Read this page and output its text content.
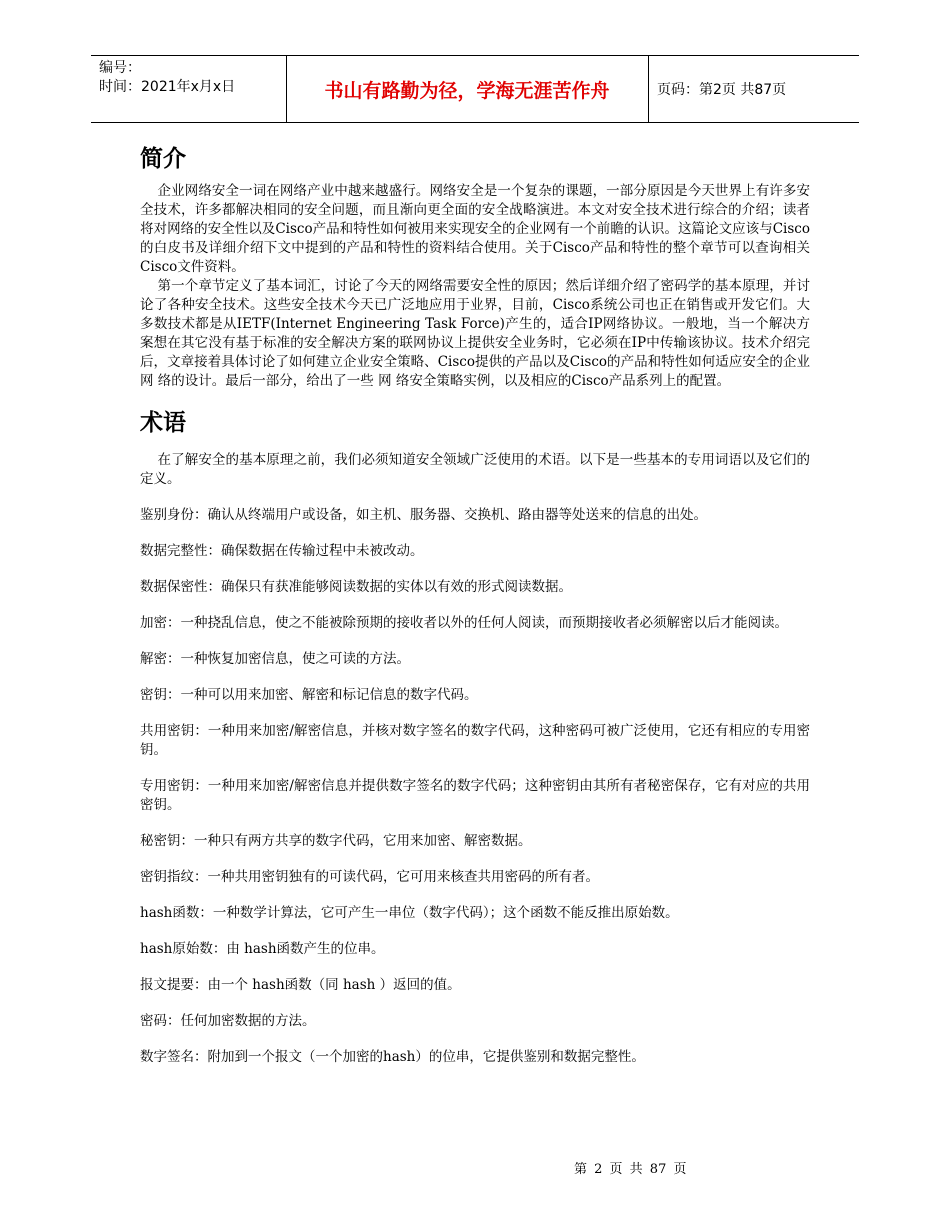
编号：
时间：2021年x月x日	书山有路勤为径，学海无涯苦作舟	页码：第2页 共87页
简介

企业网络安全一词在网络产业中越来越盛行。网络安全是一个复杂的课题，一部分原因是今天世界上有许多安全技术，许多都解决相同的安全问题，而且渐向更全面的安全战略演进。本文对安全技术进行综合的介绍；读者将对网络的安全性以及Cisco产品和特性如何被用来实现安全的企业网有一个前瞻的认识。这篇论文应该与Cisco的白皮书及详细介绍下文中提到的产品和特性的资料结合使用。关于Cisco产品和特性的整个章节可以查询相关Cisco文件资料。

第一个章节定义了基本词汇，讨论了今天的网络需要安全性的原因；然后详细介绍了密码学的基本原理，并讨论了各种安全技术。这些安全技术今天已广泛地应用于业界，目前，Cisco系统公司也正在销售或开发它们。大多数技术都是从IETF(Internet Engineering Task Force)产生的，适合IP网络协议。一般地，当一个解决方案想在其它没有基于标准的安全解决方案的联网协议上提供安全业务时，它必须在IP中传输该协议。技术介绍完后，文章接着具体讨论了如何建立企业安全策略、Cisco提供的产品以及Cisco的产品和特性如何适应安全的企业网 络的设计。最后一部分，给出了一些 网 络安全策略实例，以及相应的Cisco产品系列上的配置。

术语

在了解安全的基本原理之前，我们必须知道安全领域广泛使用的术语。以下是一些基本的专用词语以及它们的定义。

鉴别身份：确认从终端用户或设备，如主机、服务器、交换机、路由器等处送来的信息的出处。

数据完整性：确保数据在传输过程中未被改动。

数据保密性：确保只有获准能够阅读数据的实体以有效的形式阅读数据。

加密：一种挠乱信息，使之不能被除预期的接收者以外的任何人阅读，而预期接收者必须解密以后才能阅读。

解密：一种恢复加密信息，使之可读的方法。

密钥：一种可以用来加密、解密和标记信息的数字代码。

共用密钥：一种用来加密/解密信息，并核对数字签名的数字代码，这种密码可被广泛使用，它还有相应的专用密钥。

专用密钥：一种用来加密/解密信息并提供数字签名的数字代码；这种密钥由其所有者秘密保存，它有对应的共用密钥。

秘密钥：一种只有两方共享的数字代码，它用来加密、解密数据。

密钥指纹：一种共用密钥独有的可读代码，它可用来核查共用密码的所有者。

hash函数：一种数学计算法，它可产生一串位（数字代码）；这个函数不能反推出原始数。

hash原始数：由 hash函数产生的位串。

报文提要：由一个 hash函数（同 hash ）返回的值。

密码：任何加密数据的方法。

数字签名：附加到一个报文（一个加密的hash）的位串，它提供鉴别和数据完整性。

第 2 页 共 87 页
